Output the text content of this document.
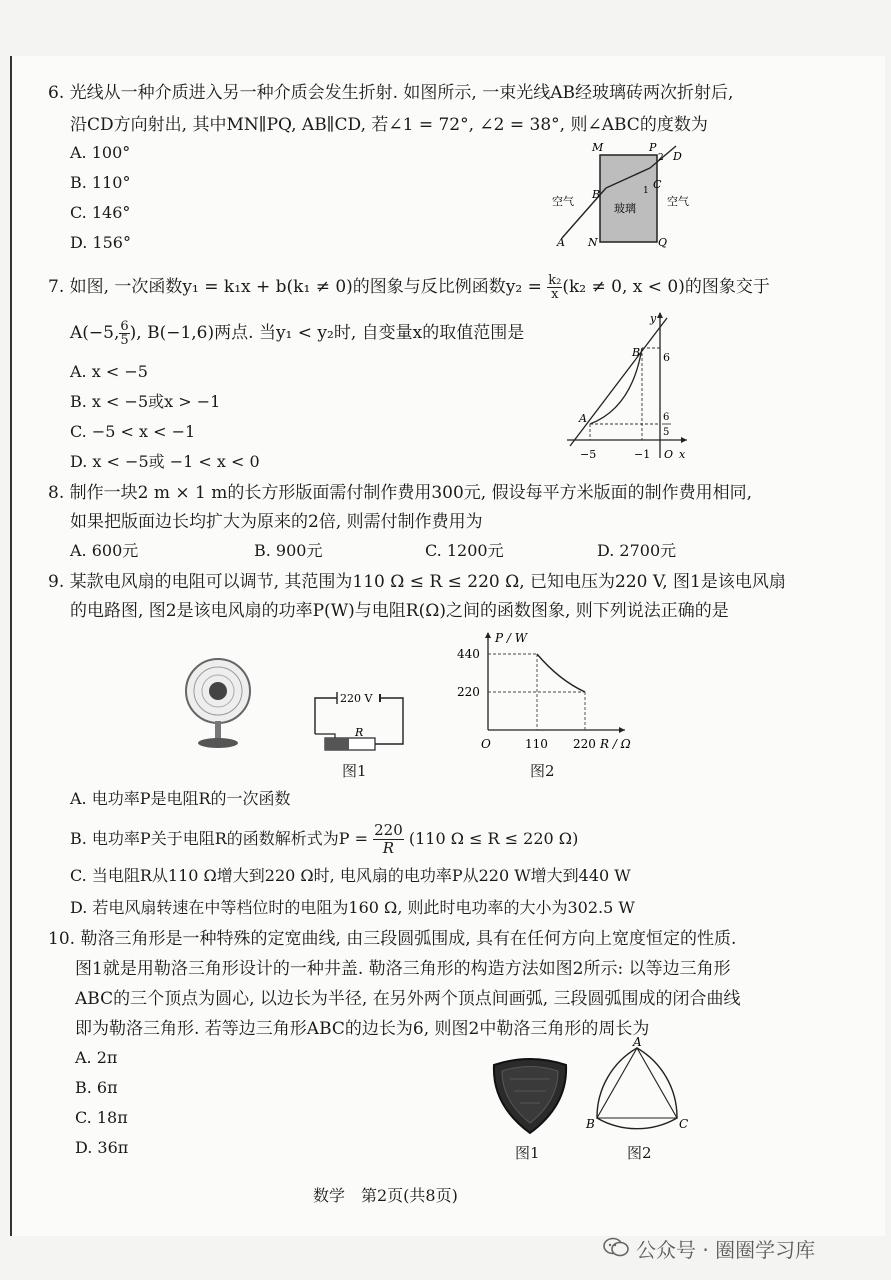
6. 光线从一种介质进入另一种介质会发生折射. 如图所示, 一束光线AB经玻璃砖两次折射后,
沿CD方向射出, 其中MN∥PQ, AB∥CD, 若∠1 = 72°, ∠2 = 38°, 则∠ABC的度数为
A. 100°
B. 110°
C. 146°
D. 156°
M
N
P
Q
A
B
C
D
2
1
空气
玻璃
空气
7. 如图, 一次函数y₁ = k₁x + b(k₁ ≠ 0)的图象与反比例函数$y_2 = \frac{\text{k₂}}{x} (k_2 \ne 0$, x < 0)的图象交于
A(−5, $\frac{6}{5}$ ), B(−1,6)两点. 当y₁ < y₂时, 自变量x的取值范围是
A. x < −5
B. x < −5或x > −1
C. −5 < x < −1
D. x < −5或 −1 < x < 0
y
x
O
A
B 6
6
5
−5	−1
8. 制作一块2 m × 1 m的长方形版面需付制作费用300元, 假设每平方米版面的制作费用相同,
如果把版面边长均扩大为原来的2倍, 则需付制作费用为
A. 600元	B. 900元	C. 1200元	D. 2700元
9. 某款电风扇的电阻可以调节, 其范围为110 Ω ≤ R ≤ 220 Ω, 已知电压为220 V, 图1是该电风扇
的电路图, 图2是该电风扇的功率P(W)与电阻R(Ω)之间的函数图象, 则下列说法正确的是
220 V
R
图1
P / W
440
220
O	110 220 R / Ω
图2
A. 电功率P是电阻R的一次函数
B. 电功率P关于电阻R的函数解析式为$P = \frac{220}{R} (110$ Ω ≤ R ≤ 220 Ω)
C. 当电阻R从110 Ω增大到220 Ω时, 电风扇的电功率P从220 W增大到440 W
D. 若电风扇转速在中等档位时的电阻为160 Ω, 则此时电功率的大小为302.5 W
10. 勒洛三角形是一种特殊的定宽曲线, 由三段圆弧围成, 具有在任何方向上宽度恒定的性质.
图1就是用勒洛三角形设计的一种井盖. 勒洛三角形的构造方法如图2所示: 以等边三角形
ABC的三个顶点为圆心, 以边长为半径, 在另外两个顶点间画弧, 三段圆弧围成的闭合曲线
即为勒洛三角形. 若等边三角形ABC的边长为6, 则图2中勒洛三角形的周长为
A. 2π
B. 6π
C. 18π
D. 36π	图1
A
B	C
图2
数学　第2页(共8页)
公众号 · 圈圈学习库
